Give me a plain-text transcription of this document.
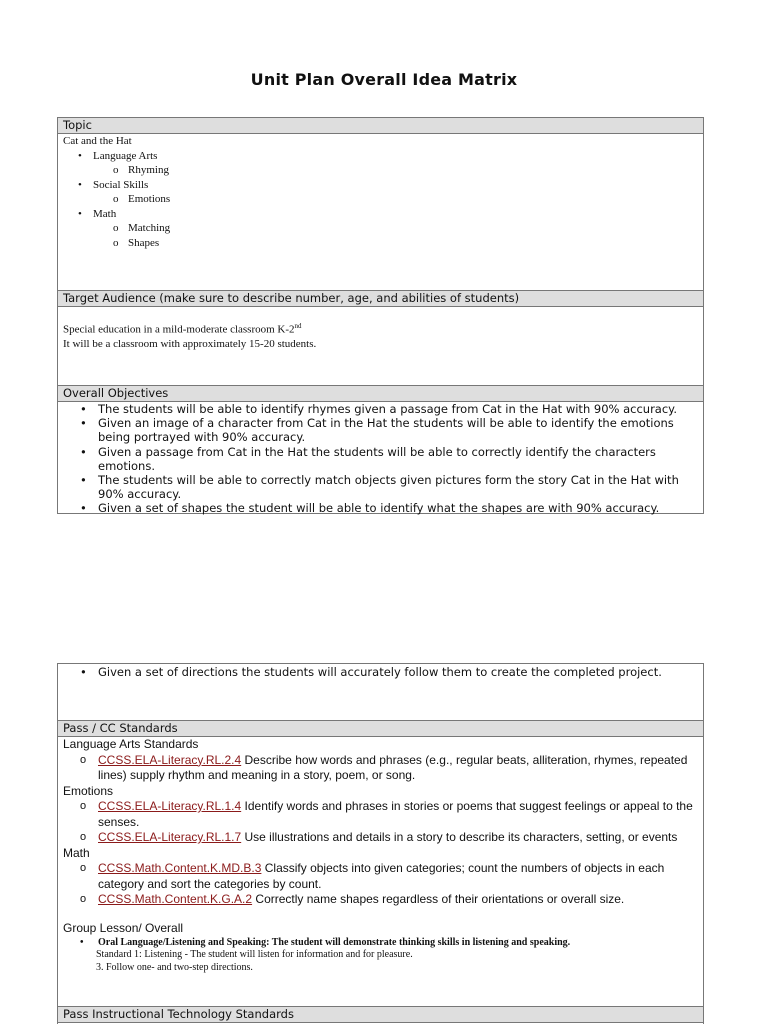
Unit Plan Overall Idea Matrix
Topic
Cat and the Hat
• Language Arts
o Rhyming
• Social Skills
o Emotions
• Math
o Matching
o Shapes
Target Audience (make sure to describe number, age, and abilities of students)
Special education in a mild-moderate classroom K-2nd
It will be a classroom with approximately 15-20 students.
Overall Objectives
• The students will be able to identify rhymes given a passage from Cat in the Hat with 90% accuracy.
• Given an image of a character from Cat in the Hat the students will be able to identify the emotions being portrayed with 90% accuracy.
• Given a passage from Cat in the Hat the students will be able to correctly identify the characters emotions.
• The students will be able to correctly match objects given pictures form the story Cat in the Hat with 90% accuracy.
• Given a set of shapes the student will be able to identify what the shapes are with 90% accuracy.
• Given a set of directions the students will accurately follow them to create the completed project.
Pass / CC Standards
Language Arts Standards
o CCSS.ELA-Literacy.RL.2.4 Describe how words and phrases (e.g., regular beats, alliteration, rhymes, repeated lines) supply rhythm and meaning in a story, poem, or song.
Emotions
o CCSS.ELA-Literacy.RL.1.4 Identify words and phrases in stories or poems that suggest feelings or appeal to the senses.
o CCSS.ELA-Literacy.RL.1.7 Use illustrations and details in a story to describe its characters, setting, or events
Math
o CCSS.Math.Content.K.MD.B.3 Classify objects into given categories; count the numbers of objects in each category and sort the categories by count.
o CCSS.Math.Content.K.G.A.2 Correctly name shapes regardless of their orientations or overall size.
Group Lesson/ Overall
• Oral Language/Listening and Speaking: The student will demonstrate thinking skills in listening and speaking.
Standard 1: Listening - The student will listen for information and for pleasure.
3. Follow one- and two-step directions.
Pass Instructional Technology Standards
